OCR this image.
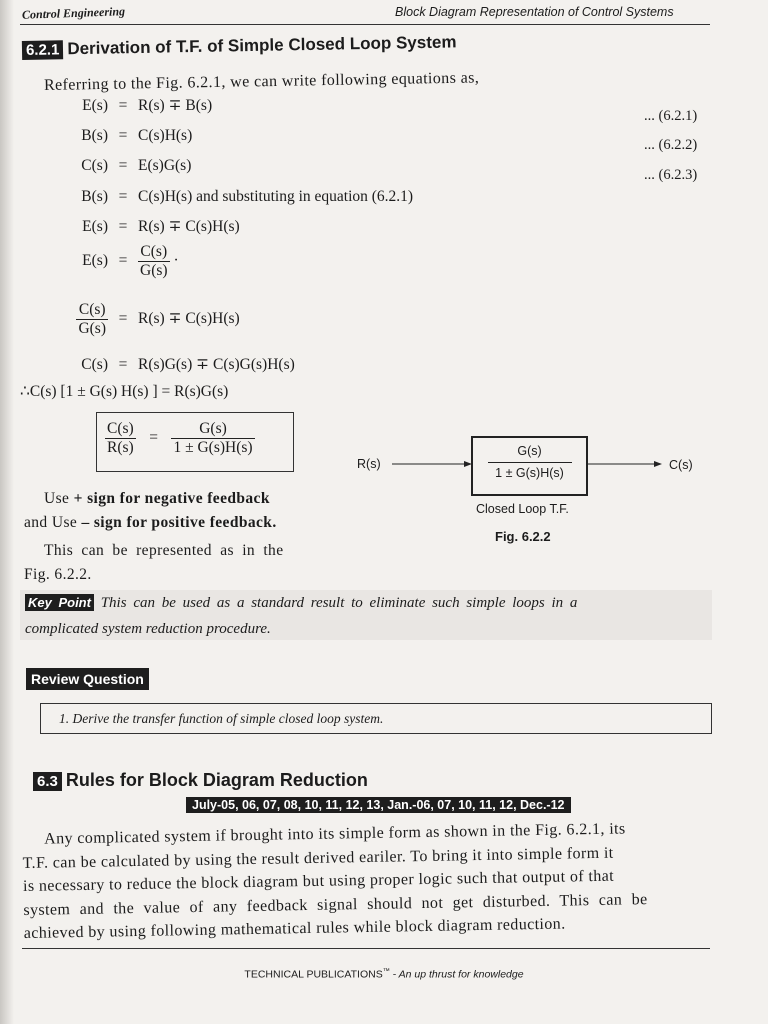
Control Engineering	Block Diagram Representation of Control Systems
6.2.1 Derivation of T.F. of Simple Closed Loop System
Referring to the Fig. 6.2.1, we can write following equations as,
E(s) = R(s) ∓ B(s)
... (6.2.1)
B(s) = C(s)H(s)
... (6.2.2)
C(s) = E(s)G(s)
... (6.2.3)
B(s) = C(s)H(s) and substituting in equation (6.2.1)
E(s) = R(s) ∓ C(s)H(s)
$E(s) = \frac{C(s)}{G(s)}$ ·
$\frac{C(s)}{G(s)} = R(s) \mp C(s)H(s)$
C(s) = R(s)G(s) ∓ C(s)G(s)H(s)
∴C(s) [1 ± G(s) H(s) ] = R(s)G(s)
$\frac{C(s)}{R(s)} = \frac{G(s)}{1 \pm G(s)H(s)}$
R(s)	C(s)
$\frac{G(s)}{1 \pm G(s)H(s)}$
Closed Loop T.F.
Fig. 6.2.2
Use + sign for negative feedback
and Use – sign for positive feedback.
This can be represented as in the
Fig. 6.2.2.
Key Point This can be used as a standard result to eliminate such simple loops in a
complicated system reduction procedure.
Review Question
1. Derive the transfer function of simple closed loop system.
6.3 Rules for Block Diagram Reduction
July-05, 06, 07, 08, 10, 11, 12, 13, Jan.-06, 07, 10, 11, 12, Dec.-12
Any complicated system if brought into its simple form as shown in the Fig. 6.2.1, its
T.F. can be calculated by using the result derived eariler. To bring it into simple form it
is necessary to reduce the block diagram but using proper logic such that output of that
system and the value of any feedback signal should not get disturbed. This can be
achieved by using following mathematical rules while block diagram reduction.
TECHNICAL PUBLICATIONS™ - An up thrust for knowledge
